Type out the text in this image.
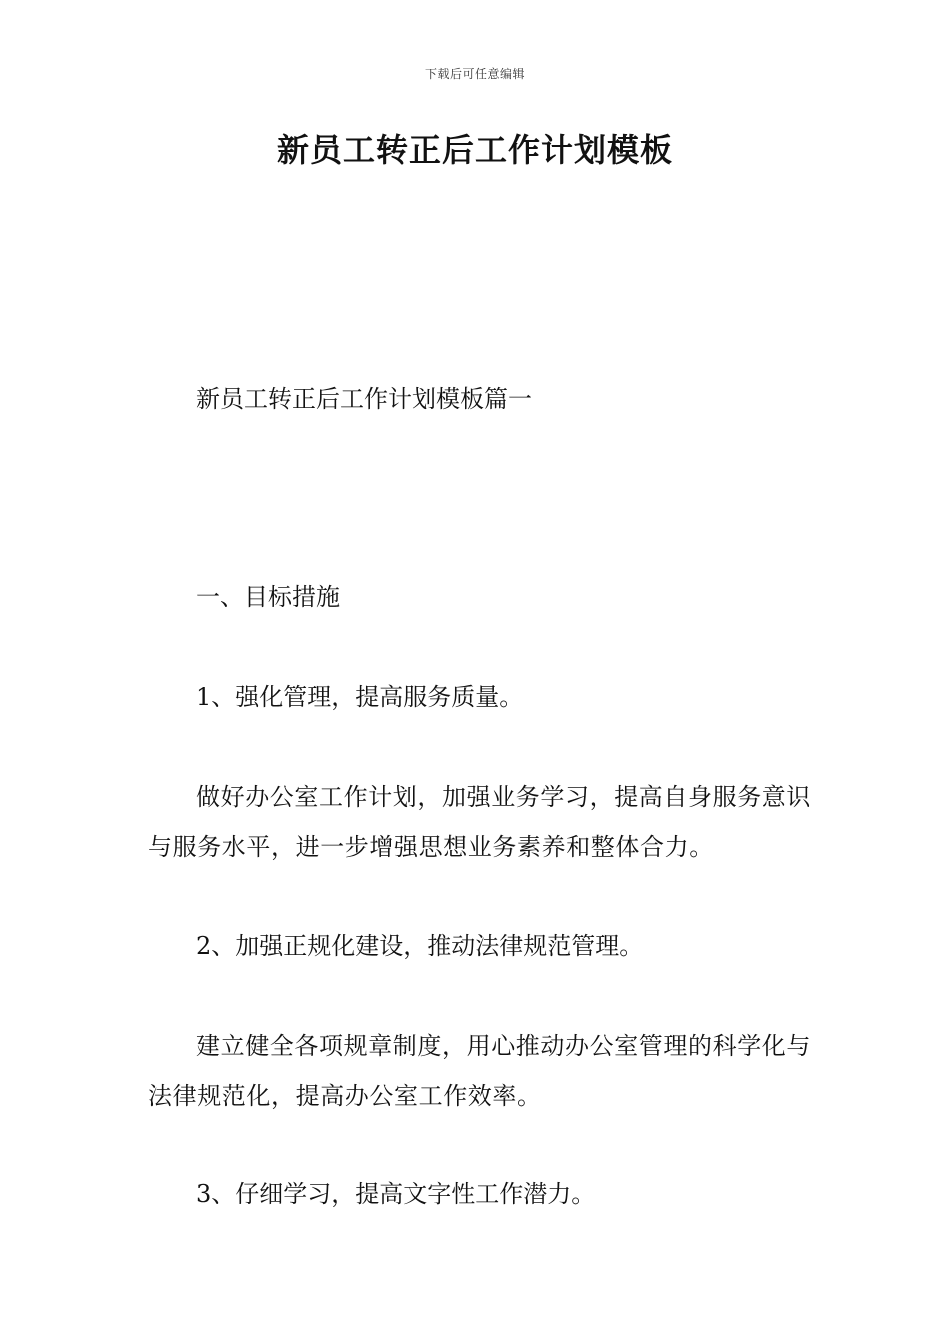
下载后可任意编辑
新员工转正后工作计划模板

新员工转正后工作计划模板篇一

一、目标措施

1、强化管理，提高服务质量。

做好办公室工作计划，加强业务学习，提高自身服务意识与服务水平，进一步增强思想业务素养和整体合力。

2、加强正规化建设，推动法律规范管理。

建立健全各项规章制度，用心推动办公室管理的科学化与法律规范化，提高办公室工作效率。

3、仔细学习，提高文字性工作潜力。
